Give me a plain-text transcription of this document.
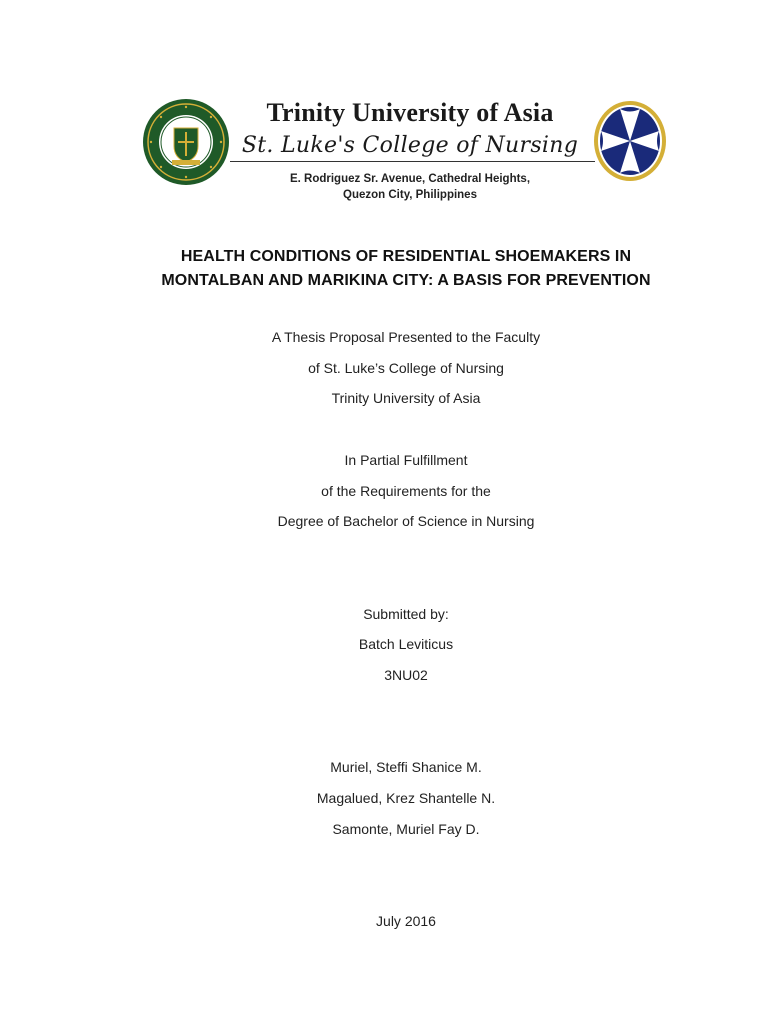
Trinity University of Asia
St. Luke's College of Nursing
E. Rodriguez Sr. Avenue, Cathedral Heights,
Quezon City, Philippines
HEALTH CONDITIONS OF RESIDENTIAL SHOEMAKERS IN
MONTALBAN AND MARIKINA CITY: A BASIS FOR PREVENTION
A Thesis Proposal Presented to the Faculty
of St. Luke’s College of Nursing
Trinity University of Asia
In Partial Fulfillment
of the Requirements for the
Degree of Bachelor of Science in Nursing
Submitted by:
Batch Leviticus
3NU02
Muriel, Steffi Shanice M.
Magalued, Krez Shantelle N.
Samonte, Muriel Fay D.
July 2016
